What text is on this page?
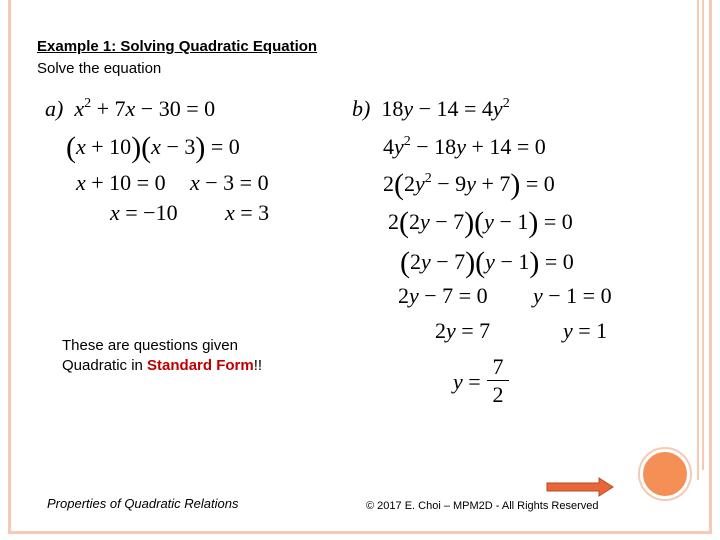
Example 1: Solving Quadratic Equation
Solve the equation
a) $x^2 + 7x - 30 = 0$
(x + 10)(x − 3) = 0
x + 10 = 0 x − 3 = 0
x = −10 x = 3
b)  $18y - 14 = 4y^2$
$4y^2 - 18y + 14 = 0$
$2(2y^2 - 9y + 7) = 0$
2(2y − 7)(y − 1) = 0
(2y − 7)(y − 1) = 0
2y − 7 = 0 y − 1 = 0
2y = 7	y = 1
$y = \frac{7}{2}$
These are questions given
Quadratic in Standard Form!!
Properties of Quadratic Relations	© 2017 E. Choi – MPM2D - All Rights Reserved
